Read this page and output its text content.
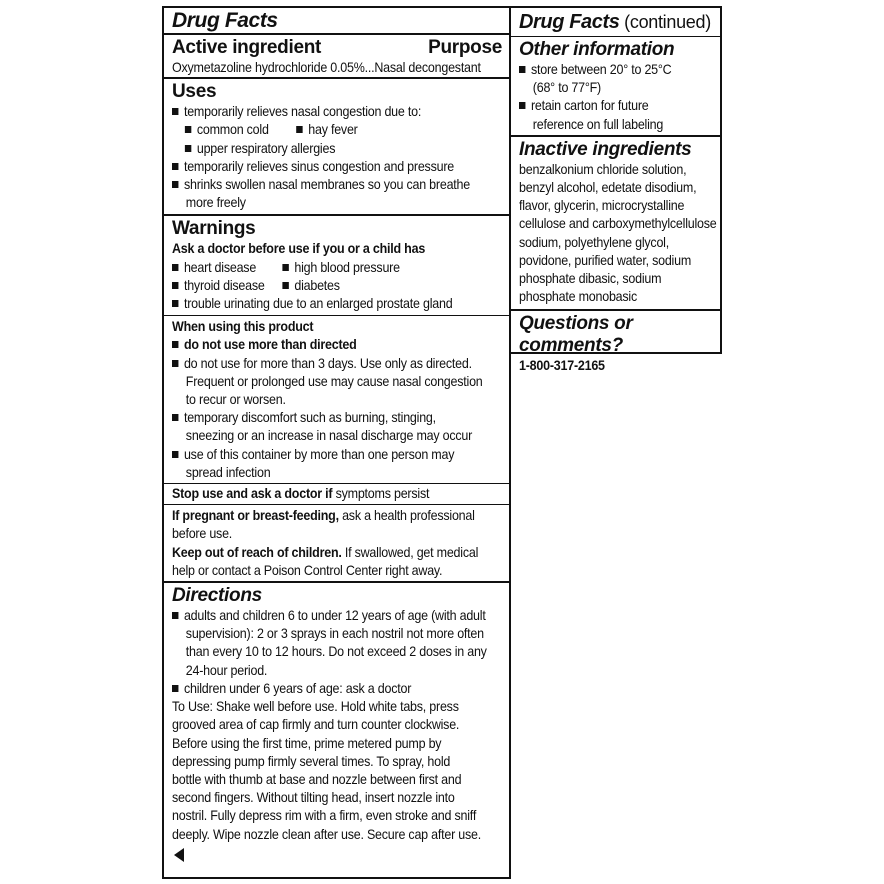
Drug Facts
Active ingredient	Purpose
Oxymetazoline hydrochloride 0.05%...Nasal decongestant
Uses
temporarily relieves nasal congestion due to:
common cold	hay fever
upper respiratory allergies
temporarily relieves sinus congestion and pressure
shrinks swollen nasal membranes so you can breathe
more freely
Warnings
Ask a doctor before use if you or a child has
heart disease	high blood pressure
thyroid disease diabetes
trouble urinating due to an enlarged prostate gland
When using this product
do not use more than directed
do not use for more than 3 days. Use only as directed.
Frequent or prolonged use may cause nasal congestion
to recur or worsen.
temporary discomfort such as burning, stinging,
sneezing or an increase in nasal discharge may occur
use of this container by more than one person may
spread infection
Stop use and ask a doctor if symptoms persist
If pregnant or breast-feeding, ask a health professional
before use.
Keep out of reach of children. If swallowed, get medical
help or contact a Poison Control Center right away.
Directions
adults and children 6 to under 12 years of age (with adult
supervision): 2 or 3 sprays in each nostril not more often
than every 10 to 12 hours. Do not exceed 2 doses in any
24-hour period.
children under 6 years of age: ask a doctor
To Use: Shake well before use. Hold white tabs, press
grooved area of cap firmly and turn counter clockwise.
Before using the first time, prime metered pump by
depressing pump firmly several times. To spray, hold
bottle with thumb at base and nozzle between first and
second fingers. Without tilting head, insert nozzle into
nostril. Fully depress rim with a firm, even stroke and sniff
deeply. Wipe nozzle clean after use. Secure cap after use.
Drug Facts (continued)
Other information
store between 20° to 25°C
(68° to 77°F)
retain carton for future
reference on full labeling
Inactive ingredients
benzalkonium chloride solution,
benzyl alcohol, edetate disodium,
flavor, glycerin, microcrystalline
cellulose and carboxymethylcellulose
sodium, polyethylene glycol,
povidone, purified water, sodium
phosphate dibasic, sodium
phosphate monobasic
Questions or comments?
1-800-317-2165
